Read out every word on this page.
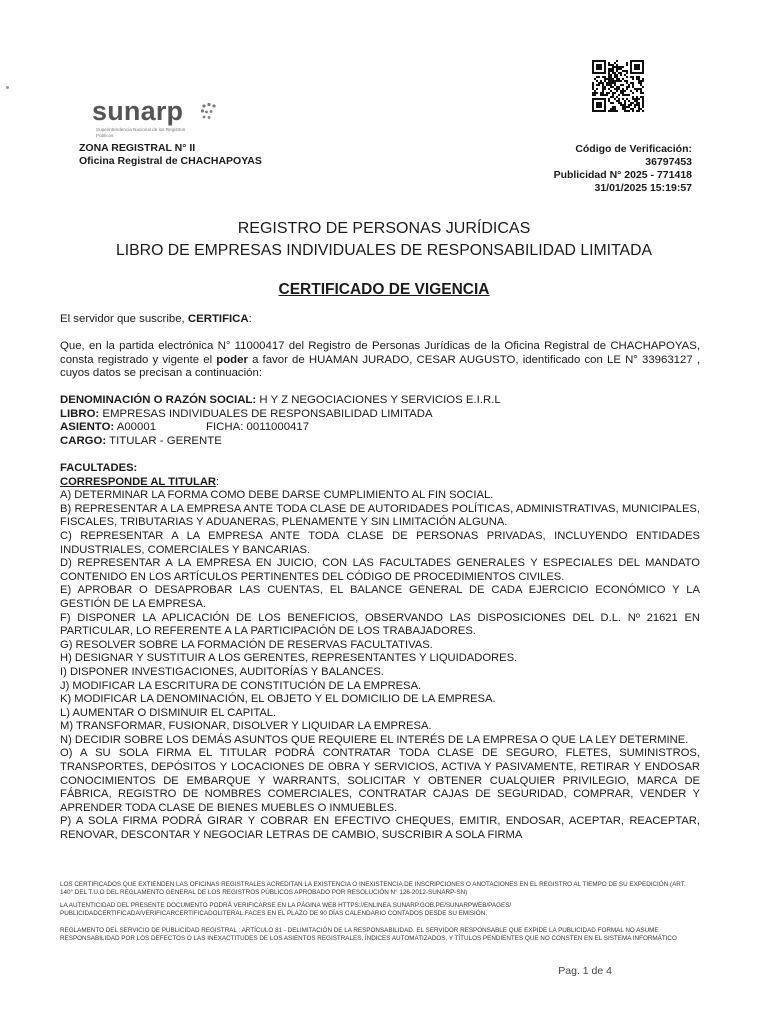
sunarp
Superintendencia Nacional de los Registros Públicos
ZONA REGISTRAL N° II
Oficina Registral de CHACHAPOYAS
Código de Verificación:
36797453
Publicidad N° 2025 - 771418
31/01/2025 15:19:57
REGISTRO DE PERSONAS JURÍDICAS
LIBRO DE EMPRESAS INDIVIDUALES DE RESPONSABILIDAD LIMITADA
CERTIFICADO DE VIGENCIA
El servidor que suscribe, CERTIFICA:
Que, en la partida electrónica N° 11000417 del Registro de Personas Jurídicas de la Oficina Registral de CHACHAPOYAS, consta registrado y vigente el poder a favor de HUAMAN JURADO, CESAR AUGUSTO, identificado con LE N° 33963127 , cuyos datos se precisan a continuación:
DENOMINACIÓN O RAZÓN SOCIAL: H Y Z NEGOCIACIONES Y SERVICIOS E.I.R.L
LIBRO: EMPRESAS INDIVIDUALES DE RESPONSABILIDAD LIMITADA
ASIENTO: A00001	FICHA: 0011000417
CARGO: TITULAR - GERENTE
FACULTADES:
CORRESPONDE AL TITULAR:
A) DETERMINAR LA FORMA COMO DEBE DARSE CUMPLIMIENTO AL FIN SOCIAL.
B) REPRESENTAR A LA EMPRESA ANTE TODA CLASE DE AUTORIDADES POLÍTICAS, ADMINISTRATIVAS, MUNICIPALES, FISCALES, TRIBUTARIAS Y ADUANERAS, PLENAMENTE Y SIN LIMITACIÓN ALGUNA.
C) REPRESENTAR A LA EMPRESA ANTE TODA CLASE DE PERSONAS PRIVADAS, INCLUYENDO ENTIDADES INDUSTRIALES, COMERCIALES Y BANCARIAS.
D) REPRESENTAR A LA EMPRESA EN JUICIO, CON LAS FACULTADES GENERALES Y ESPECIALES DEL MANDATO CONTENIDO EN LOS ARTÍCULOS PERTINENTES DEL CÓDIGO DE PROCEDIMIENTOS CIVILES.
E) APROBAR O DESAPROBAR LAS CUENTAS, EL BALANCE GENERAL DE CADA EJERCICIO ECONÓMICO Y LA GESTIÓN DE LA EMPRESA.
F) DISPONER LA APLICACIÓN DE LOS BENEFICIOS, OBSERVANDO LAS DISPOSICIONES DEL D.L. Nº 21621 EN PARTICULAR, LO REFERENTE A LA PARTICIPACIÓN DE LOS TRABAJADORES.
G) RESOLVER SOBRE LA FORMACIÓN DE RESERVAS FACULTATIVAS.
H) DESIGNAR Y SUSTITUIR A LOS GERENTES, REPRESENTANTES Y LIQUIDADORES.
I) DISPONER INVESTIGACIONES, AUDITORÍAS Y BALANCES.
J) MODIFICAR LA ESCRITURA DE CONSTITUCIÓN DE LA EMPRESA.
K) MODIFICAR LA DENOMINACIÓN, EL OBJETO Y EL DOMICILIO DE LA EMPRESA.
L) AUMENTAR O DISMINUIR EL CAPITAL.
M) TRANSFORMAR, FUSIONAR, DISOLVER Y LIQUIDAR LA EMPRESA.
N) DECIDIR SOBRE LOS DEMÁS ASUNTOS QUE REQUIERE EL INTERÉS DE LA EMPRESA O QUE LA LEY DETERMINE.
O) A SU SOLA FIRMA EL TITULAR PODRÁ CONTRATAR TODA CLASE DE SEGURO, FLETES, SUMINISTROS, TRANSPORTES, DEPÓSITOS Y LOCACIONES DE OBRA Y SERVICIOS, ACTIVA Y PASIVAMENTE, RETIRAR Y ENDOSAR CONOCIMIENTOS DE EMBARQUE Y WARRANTS, SOLICITAR Y OBTENER CUALQUIER PRIVILEGIO, MARCA DE FÁBRICA, REGISTRO DE NOMBRES COMERCIALES, CONTRATAR CAJAS DE SEGURIDAD, COMPRAR, VENDER Y APRENDER TODA CLASE DE BIENES MUEBLES O INMUEBLES.
P) A SOLA FIRMA PODRÁ GIRAR Y COBRAR EN EFECTIVO CHEQUES, EMITIR, ENDOSAR, ACEPTAR, REACEPTAR, RENOVAR, DESCONTAR Y NEGOCIAR LETRAS DE CAMBIO, SUSCRIBIR A SOLA FIRMA
LOS CERTIFICADOS QUE EXTIENDEN LAS OFICINAS REGISTRALES ACREDITAN LA EXISTENCIA O INEXISTENCIA DE INSCRIPCIONES O ANOTACIONES EN EL REGISTRO AL TIEMPO DE SU EXPEDICIÓN (ART. 140° DEL T.U.O DEL REGLAMENTO GENERAL DE LOS REGISTROS PÚBLICOS APROBADO POR RESOLUCIÓN N° 126-2012-SUNARP-SN)
LA AUTENTICIDAD DEL PRESENTE DOCUMENTO PODRÁ VERIFICARSE EN LA PÁGINA WEB HTTPS://ENLINEA.SUNARP.GOB.PE/SUNARPWEB/PAGES/ PUBLICIDADCERTIFICADA/VERIFICARCERTIFICADOLITERAL.FACES EN EL PLAZO DE 90 DÍAS CALENDARIO CONTADOS DESDE SU EMISIÓN.
REGLAMENTO DEL SERVICIO DE PUBLICIDAD REGISTRAL : ARTÍCULO 81 - DELIMITACIÓN DE LA RESPONSABILIDAD. EL SERVIDOR RESPONSABLE QUE EXPIDE LA PUBLICIDAD FORMAL NO ASUME RESPONSABILIDAD POR LOS DEFECTOS O LAS INEXACTITUDES DE LOS ASIENTOS REGISTRALES, ÍNDICES AUTOMATIZADOS, Y TÍTULOS PENDIENTES QUE NO CONSTEN EN EL SISTEMA INFORMÁTICO
Pag. 1 de 4
